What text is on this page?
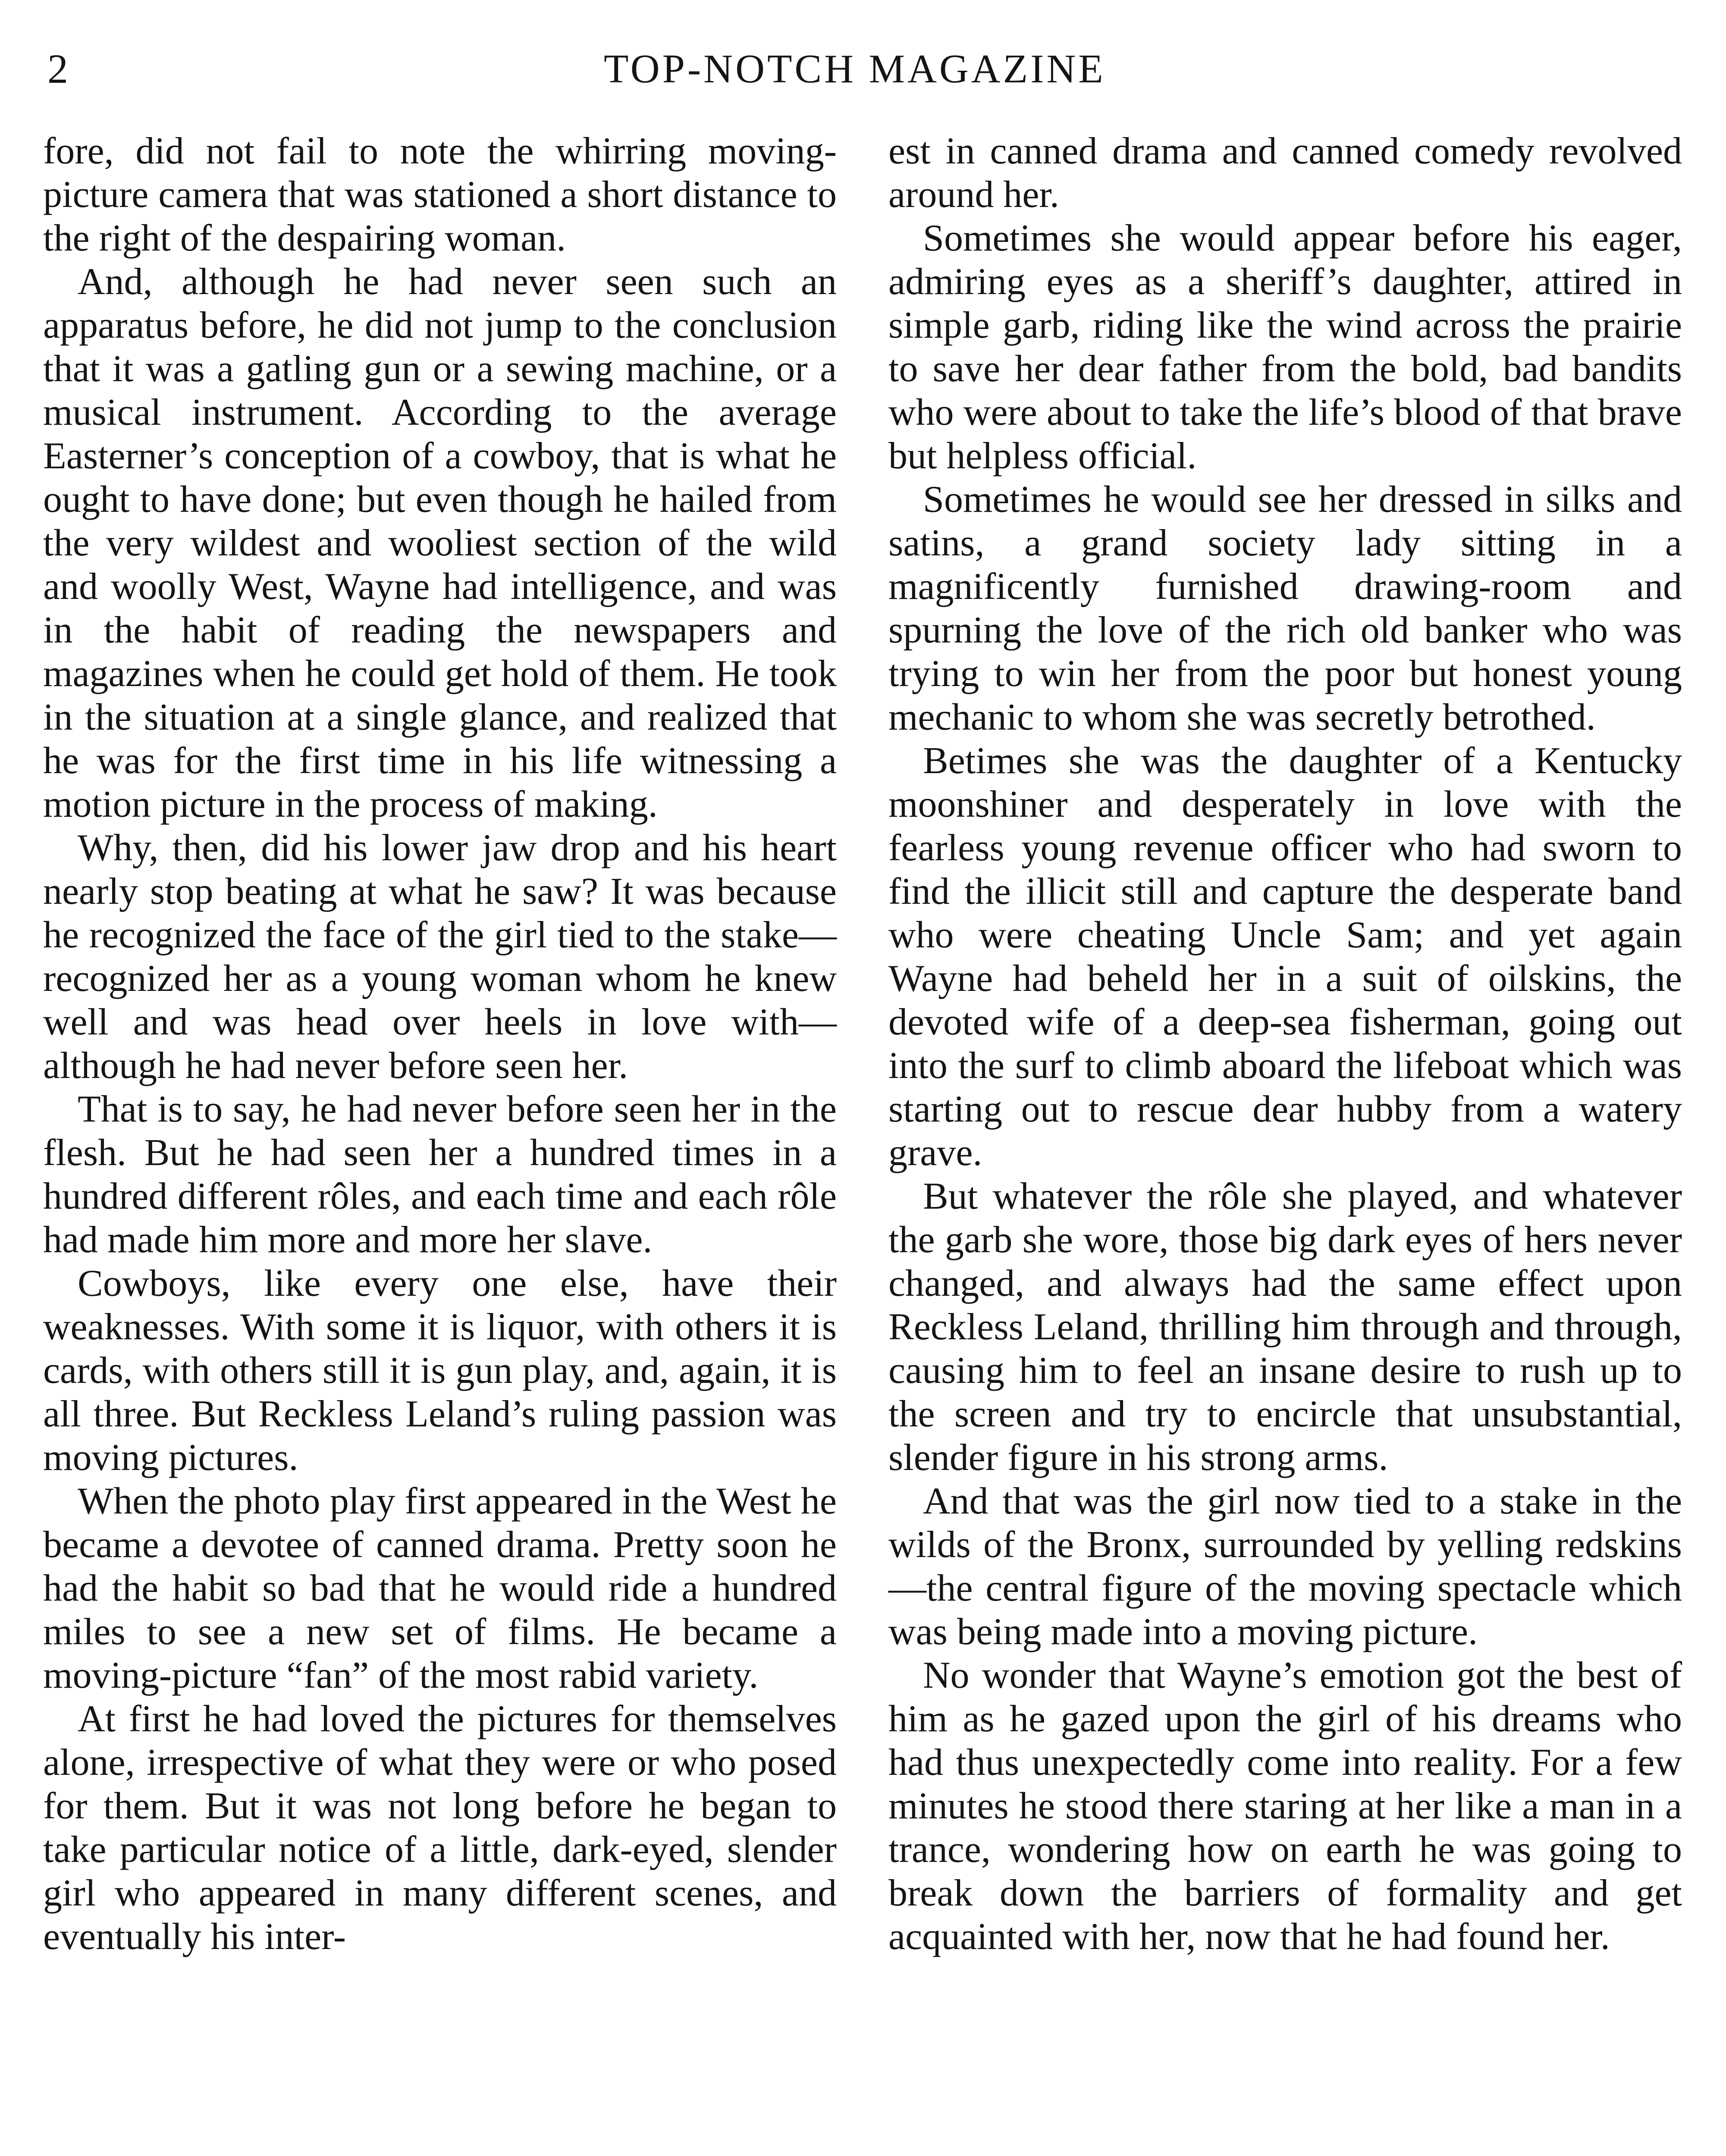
2	TOP-NOTCH MAGAZINE

fore, did not fail to note the whirring moving-picture camera that was stationed a short distance to the right of the despairing woman.

And, although he had never seen such an apparatus before, he did not jump to the conclusion that it was a gatling gun or a sewing machine, or a musical instrument. According to the average Easterner’s conception of a cowboy, that is what he ought to have done; but even though he hailed from the very wildest and wooliest section of the wild and woolly West, Wayne had intelligence, and was in the habit of reading the newspapers and magazines when he could get hold of them. He took in the situation at a single glance, and realized that he was for the first time in his life witnessing a motion picture in the process of making.

Why, then, did his lower jaw drop and his heart nearly stop beating at what he saw? It was because he recognized the face of the girl tied to the stake—recognized her as a young woman whom he knew well and was head over heels in love with—although he had never before seen her.

That is to say, he had never before seen her in the flesh. But he had seen her a hundred times in a hundred different rôles, and each time and each rôle had made him more and more her slave.

Cowboys, like every one else, have their weaknesses. With some it is liquor, with others it is cards, with others still it is gun play, and, again, it is all three. But Reckless Leland’s ruling passion was moving pictures.

When the photo play first appeared in the West he became a devotee of canned drama. Pretty soon he had the habit so bad that he would ride a hundred miles to see a new set of films. He became a moving-picture “fan” of the most rabid variety.

At first he had loved the pictures for themselves alone, irrespective of what they were or who posed for them. But it was not long before he began to take particular notice of a little, dark-eyed, slender girl who appeared in many different scenes, and eventually his inter-

est in canned drama and canned comedy revolved around her.

Sometimes she would appear before his eager, admiring eyes as a sheriff’s daughter, attired in simple garb, riding like the wind across the prairie to save her dear father from the bold, bad bandits who were about to take the life’s blood of that brave but helpless official.

Sometimes he would see her dressed in silks and satins, a grand society lady sitting in a magnificently furnished drawing-room and spurning the love of the rich old banker who was trying to win her from the poor but honest young mechanic to whom she was secretly betrothed.

Betimes she was the daughter of a Kentucky moonshiner and desperately in love with the fearless young revenue officer who had sworn to find the illicit still and capture the desperate band who were cheating Uncle Sam; and yet again Wayne had beheld her in a suit of oilskins, the devoted wife of a deep-sea fisherman, going out into the surf to climb aboard the lifeboat which was starting out to rescue dear hubby from a watery grave.

But whatever the rôle she played, and whatever the garb she wore, those big dark eyes of hers never changed, and always had the same effect upon Reckless Leland, thrilling him through and through, causing him to feel an insane desire to rush up to the screen and try to encircle that unsubstantial, slender figure in his strong arms.

And that was the girl now tied to a stake in the wilds of the Bronx, surrounded by yelling redskins—the central figure of the moving spectacle which was being made into a moving picture.

No wonder that Wayne’s emotion got the best of him as he gazed upon the girl of his dreams who had thus unexpectedly come into reality. For a few minutes he stood there staring at her like a man in a trance, wondering how on earth he was going to break down the barriers of formality and get acquainted with her, now that he had found her.
